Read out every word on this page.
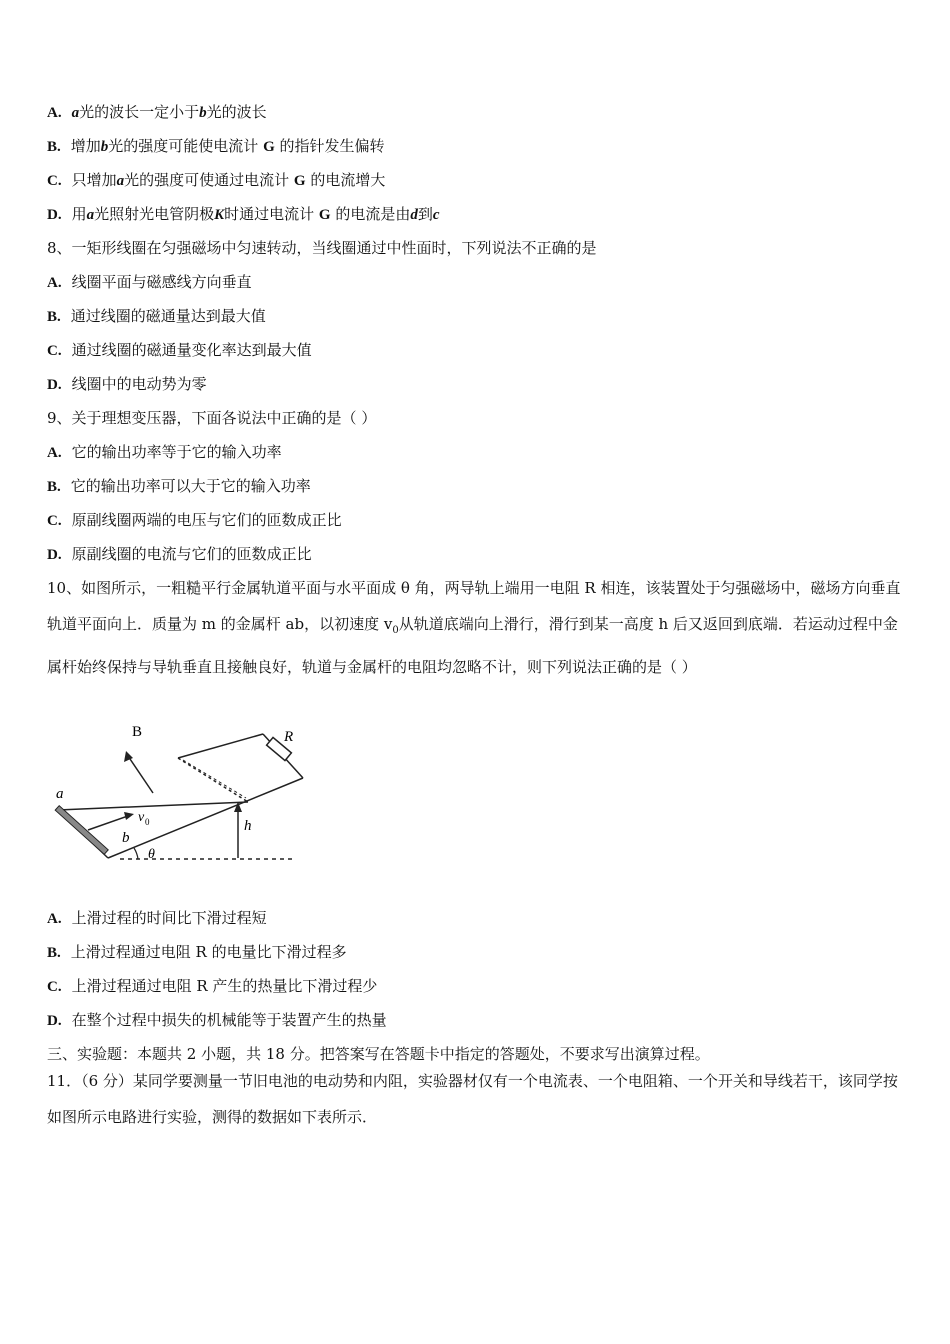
A. a光的波长一定小于b光的波长
B. 增加b光的强度可能使电流计 G 的指针发生偏转
C. 只增加a光的强度可使通过电流计 G 的电流增大
D. 用a光照射光电管阴极K时通过电流计 G 的电流是由d到c
8、一矩形线圈在匀强磁场中匀速转动，当线圈通过中性面时，下列说法不正确的是
A. 线圈平面与磁感线方向垂直
B. 通过线圈的磁通量达到最大值
C. 通过线圈的磁通量变化率达到最大值
D. 线圈中的电动势为零
9、关于理想变压器，下面各说法中正确的是（ ）
A. 它的输出功率等于它的输入功率
B. 它的输出功率可以大于它的输入功率
C. 原副线圈两端的电压与它们的匝数成正比
D. 原副线圈的电流与它们的匝数成正比
10、如图所示，一粗糙平行金属轨道平面与水平面成 θ 角，两导轨上端用一电阻 R 相连，该装置处于匀强磁场中，磁场方向垂直轨道平面向上．质量为 m 的金属杆 ab，以初速度 $v_0$从轨道底端向上滑行，滑行到某一高度 h 后又返回到底端．若运动过程中金属杆始终保持与导轨垂直且接触良好，轨道与金属杆的电阻均忽略不计，则下列说法正确的是（ ）
B	R
a
b
v 0	h
θ
A. 上滑过程的时间比下滑过程短
B. 上滑过程通过电阻 R 的电量比下滑过程多
C. 上滑过程通过电阻 R 产生的热量比下滑过程少
D. 在整个过程中损失的机械能等于装置产生的热量
三、实验题：本题共 2 小题，共 18 分。把答案写在答题卡中指定的答题处，不要求写出演算过程。
11．（6 分）某同学要测量一节旧电池的电动势和内阻，实验器材仅有一个电流表、一个电阻箱、一个开关和导线若干，该同学按如图所示电路进行实验，测得的数据如下表所示．
